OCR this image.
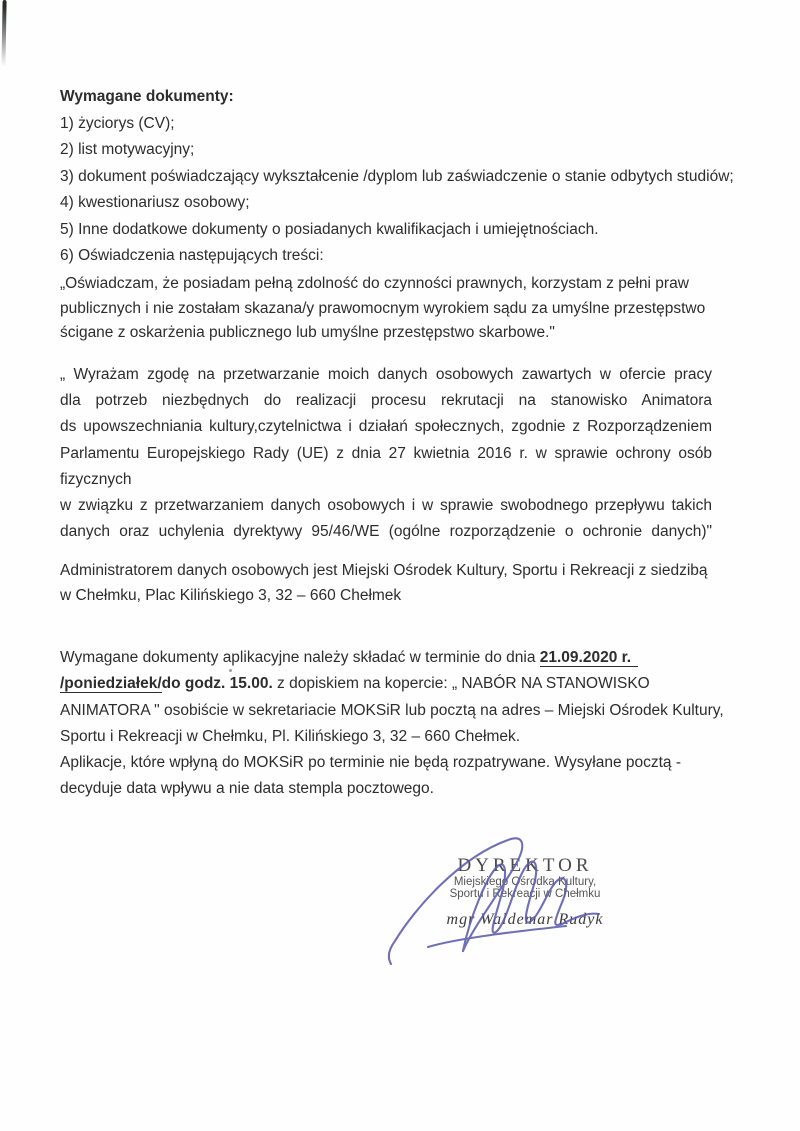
Wymagane dokumenty:
1) życiorys (CV);
2) list motywacyjny;
3) dokument poświadczający wykształcenie /dyplom lub zaświadczenie o stanie odbytych studiów;
4) kwestionariusz osobowy;
5) Inne dodatkowe dokumenty o posiadanych kwalifikacjach i umiejętnościach.
6) Oświadczenia następujących treści:
„Oświadczam, że posiadam pełną zdolność do czynności prawnych, korzystam z pełni praw
publicznych i nie zostałam skazana/y prawomocnym wyrokiem sądu za umyślne przestępstwo
ścigane z oskarżenia publicznego lub umyślne przestępstwo skarbowe."
„ Wyrażam zgodę na przetwarzanie moich danych osobowych zawartych w ofercie pracy
dla potrzeb niezbędnych do realizacji procesu rekrutacji na stanowisko Animatora
ds upowszechniania kultury,czytelnictwa i działań społecznych, zgodnie z Rozporządzeniem
Parlamentu Europejskiego Rady (UE) z dnia 27 kwietnia 2016 r. w sprawie ochrony osób fizycznych
w związku z przetwarzaniem danych osobowych i w sprawie swobodnego przepływu takich
danych oraz uchylenia dyrektywy 95/46/WE (ogólne rozporządzenie o ochronie danych)"
Administratorem danych osobowych jest Miejski Ośrodek Kultury, Sportu i Rekreacji z siedzibą
w Chełmku, Plac Kilińskiego 3, 32 – 660 Chełmek
Wymagane dokumenty aplikacyjne należy składać w terminie do dnia 21.09.2020 r.
/poniedziałek/do godz. 15.00. z dopiskiem na kopercie: „ NABÓR NA STANOWISKO
ANIMATORA " osobiście w sekretariacie MOKSiR lub pocztą na adres – Miejski Ośrodek Kultury,
Sportu i Rekreacji w Chełmku, Pl. Kilińskiego 3, 32 – 660 Chełmek.
Aplikacje, które wpłyną do MOKSiR po terminie nie będą rozpatrywane. Wysyłane pocztą -
decyduje data wpływu a nie data stempla pocztowego.
DYREKTOR
Miejskiego Ośrodka Kultury,
Sportu i Rekreacji w Chełmku
mgr Waldemar Rudyk
